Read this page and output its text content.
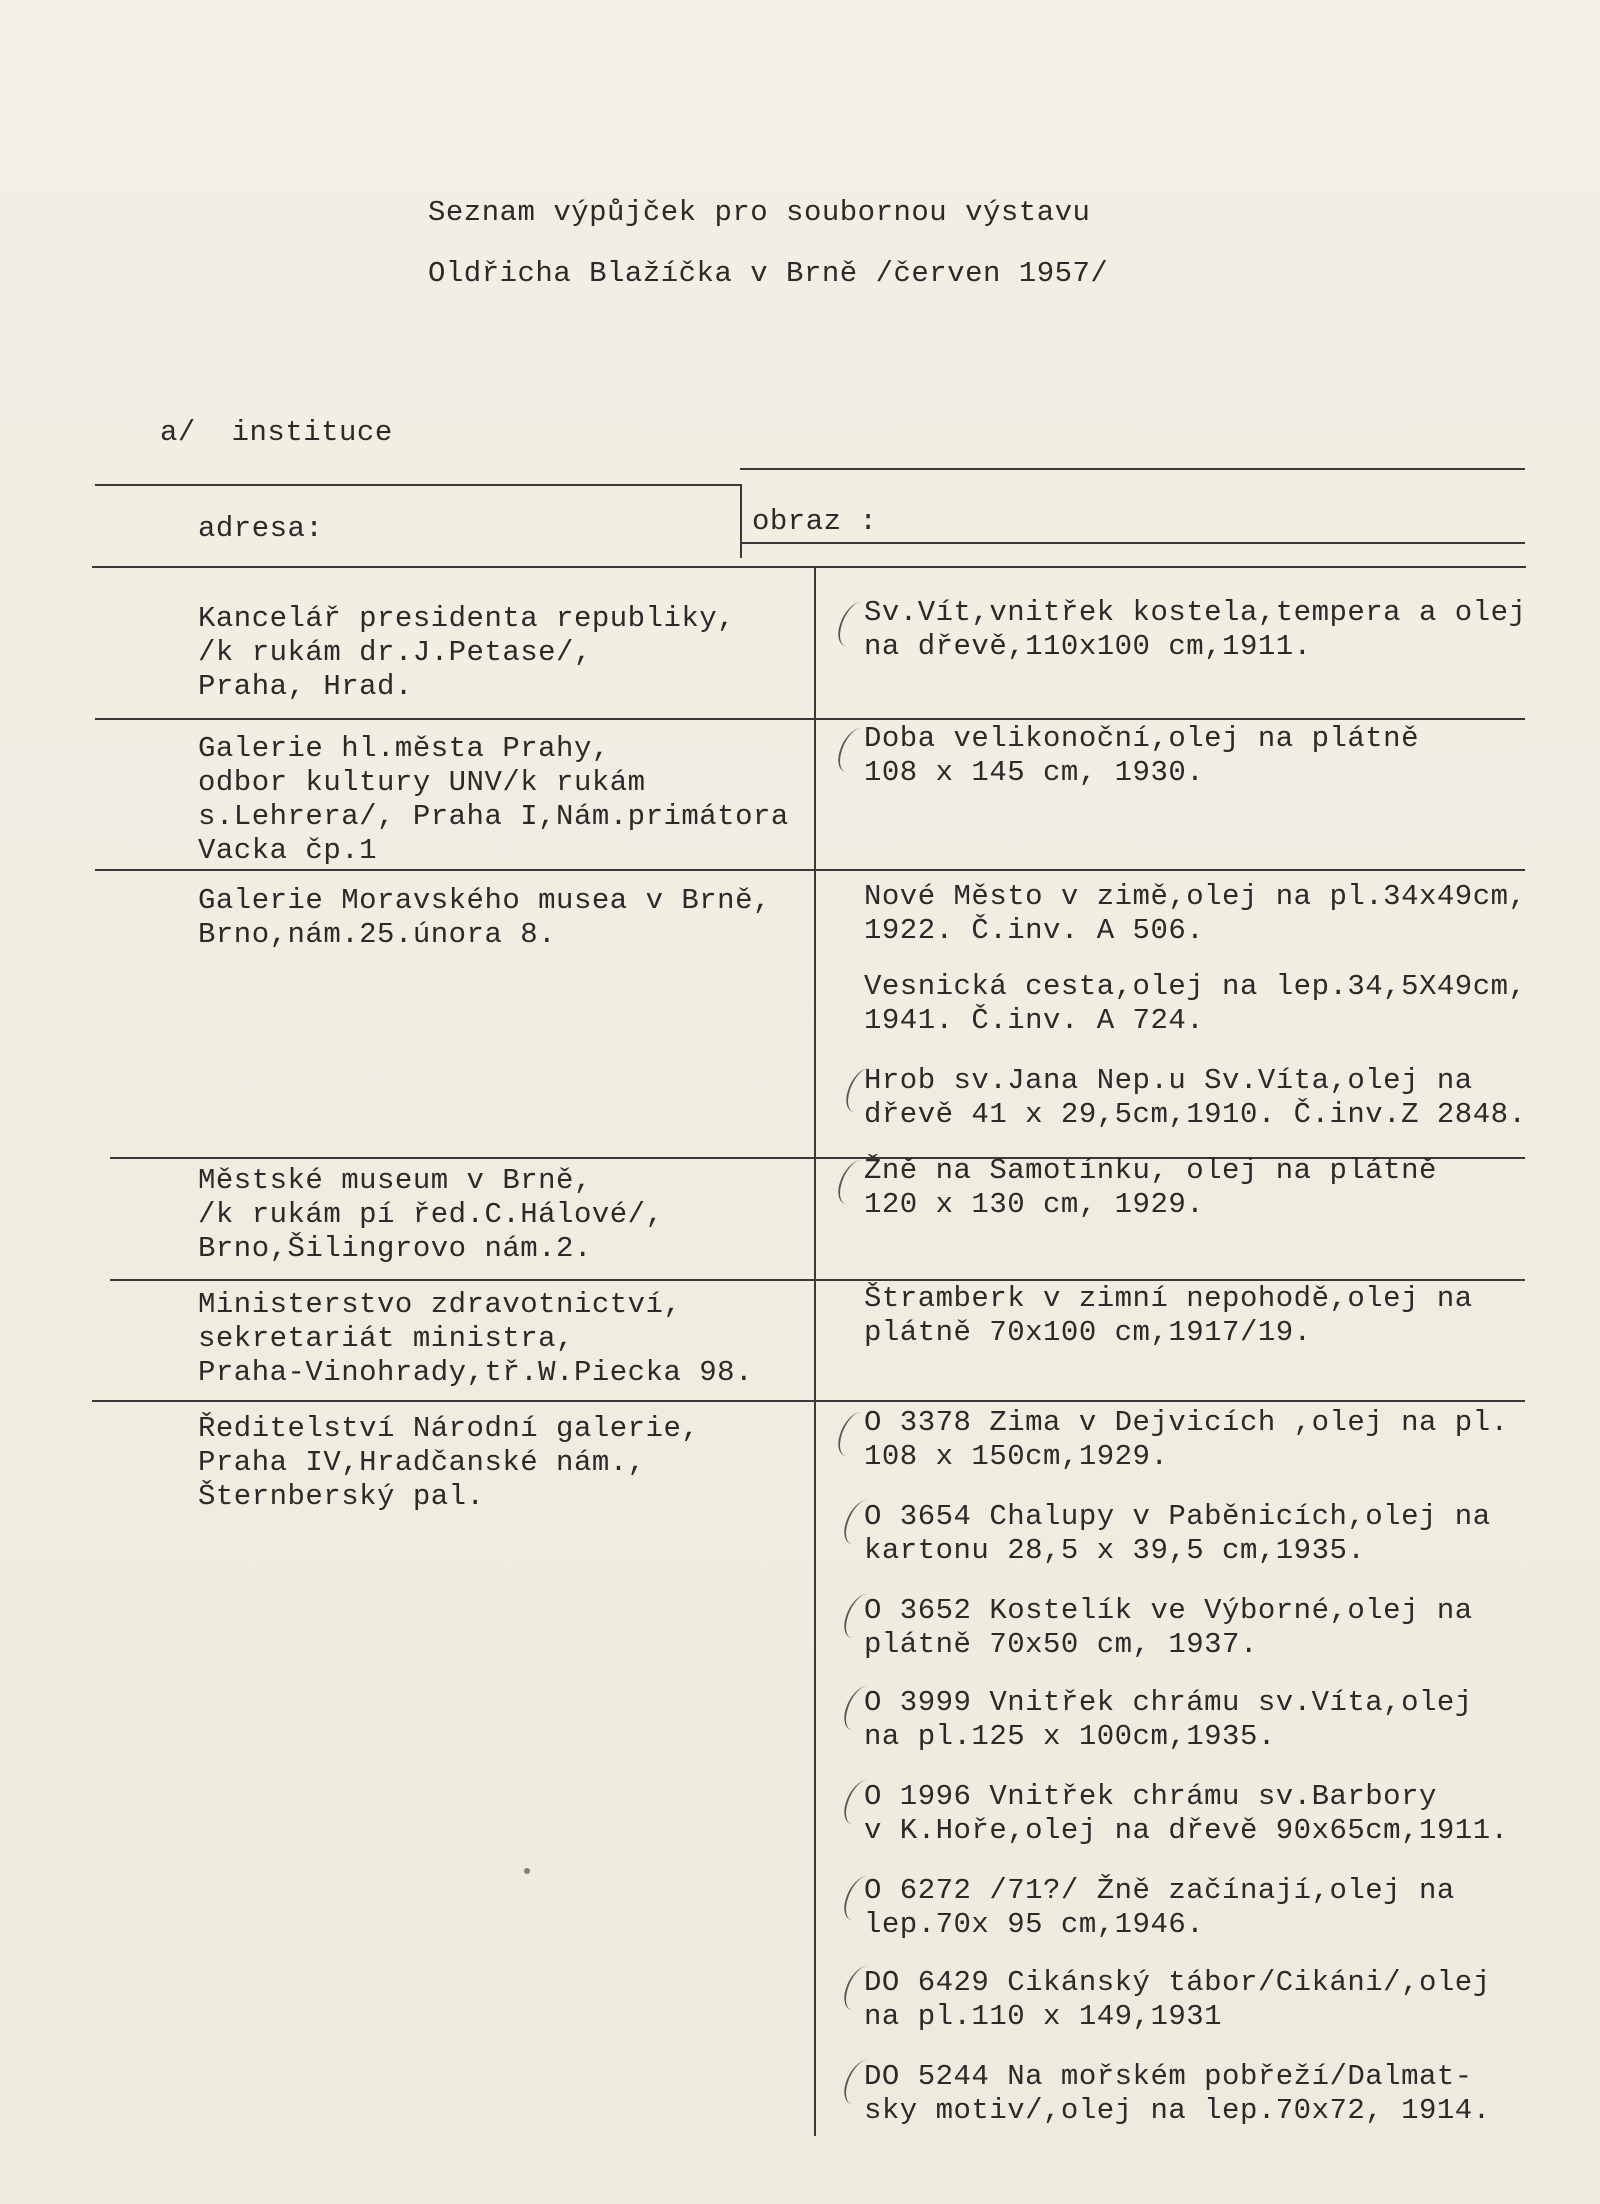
Seznam výpůjček pro soubornou výstavu
Oldřicha Blažíčka v Brně /červen 1957/
a/  instituce
adresa:	obraz :
Kancelář presidenta republiky,
/k rukám dr.J.Petase/,
Praha, Hrad.
Sv.Vít,vnitřek kostela,tempera a olej
na dřevě,110x100 cm,1911.
Galerie hl.města Prahy,
odbor kultury UNV/k rukám
s.Lehrera/, Praha I,Nám.primátora
Vacka čp.1
Doba velikonoční,olej na plátně
108 x 145 cm, 1930.
Galerie Moravského musea v Brně,
Brno,nám.25.února 8.
Nové Město v zimě,olej na pl.34x49cm,
1922. Č.inv. A 506.
Vesnická cesta,olej na lep.34,5X49cm,
1941. Č.inv. A 724.
Hrob sv.Jana Nep.u Sv.Víta,olej na
dřevě 41 x 29,5cm,1910. Č.inv.Z 2848.
Městské museum v Brně,
/k rukám pí řed.C.Hálové/,
Brno,Šilingrovo nám.2.
Žně na Samotínku, olej na plátně
120 x 130 cm, 1929.
Ministerstvo zdravotnictví,
sekretariát ministra,
Praha-Vinohrady,tř.W.Piecka 98.
Štramberk v zimní nepohodě,olej na
plátně 70x100 cm,1917/19.
Ředitelství Národní galerie,
Praha IV,Hradčanské nám.,
Šternberský pal.
O 3378 Zima v Dejvicích ,olej na pl.
108 x 150cm,1929.
O 3654 Chalupy v Paběnicích,olej na
kartonu 28,5 x 39,5 cm,1935.
O 3652 Kostelík ve Výborné,olej na
plátně 70x50 cm, 1937.
O 3999 Vnitřek chrámu sv.Víta,olej
na pl.125 x 100cm,1935.
O 1996 Vnitřek chrámu sv.Barbory
v K.Hoře,olej na dřevě 90x65cm,1911.
O 6272 /71?/ Žně začínají,olej na
lep.70x 95 cm,1946.
DO 6429 Cikánský tábor/Cikáni/,olej
na pl.110 x 149,1931
DO 5244 Na mořském pobřeží/Dalmat-
sky motiv/,olej na lep.70x72, 1914.
